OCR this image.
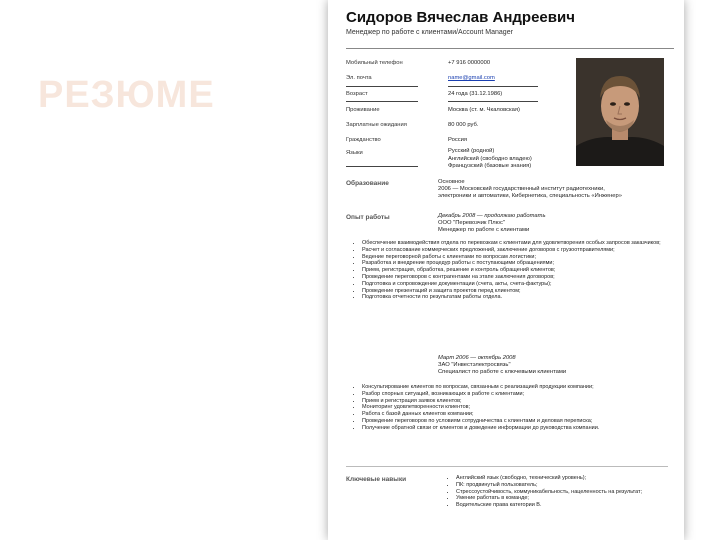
РЕЗЮМЕ
Сидоров Вячеслав Андреевич
Менеджер по работе с клиентами/Account Manager
Мобильный телефон	+7 916 0000000
Эл. почта	name@gmail.com
Возраст	24 года (31.12.1986)
Проживание	Москва (ст. м. Чкаловская)
Зарплатные ожидания	80 000 руб.
Гражданство	Россия
Языки	Русский (родной)
Английский (свободно владею)
Французский (базовые знания)
Образование	Основное
2006 — Московский государственный институт радиотехники,
электроники и автоматики, Кибернетика, специальность «Инженер»
Опыт работы	Декабрь 2008 — продолжаю работать
ООО "Перевозчик Плюс"
Менеджер по работе с клиентами
• Обеспечение взаимодействия отдела по перевозкам с клиентами для удовлетворения особых запросов заказчиков;
• Расчет и согласование коммерческих предложений, заключение договоров с грузоотправителями;
• Ведение переговорной работы с клиентами по вопросам логистики;
• Разработка и внедрение процедур работы с поступающими обращениями;
• Прием, регистрация, обработка, решение и контроль обращений клиентов;
• Проведение переговоров с контрагентами на этапе заключения договоров;
• Подготовка и сопровождение документации (счета, акты, счета-фактуры);
• Проведение презентаций и защита проектов перед клиентом;
• Подготовка отчетности по результатам работы отдела.
Март 2006 — октябрь 2008
ЗАО "Инвестэлектросвязь"
Специалист по работе с ключевыми клиентами
• Консультирование клиентов по вопросам, связанным с реализацией продукции компании;
• Разбор спорных ситуаций, возникающих в работе с клиентами;
• Прием и регистрация заявок клиентов;
• Мониторинг удовлетворенности клиентов;
• Работа с базой данных клиентов компании;
• Проведение переговоров по условиям сотрудничества с клиентами и деловая переписка;
• Получение обратной связи от клиентов и доведение информации до руководства компании.
Ключевые навыки
•	Английский язык (свободно, технический уровень);
• ПК: продвинутый пользователь;
• Стрессоустойчивость, коммуникабельность, нацеленность на результат;
• Умение работать в команде;
• Водительские права категории В.
